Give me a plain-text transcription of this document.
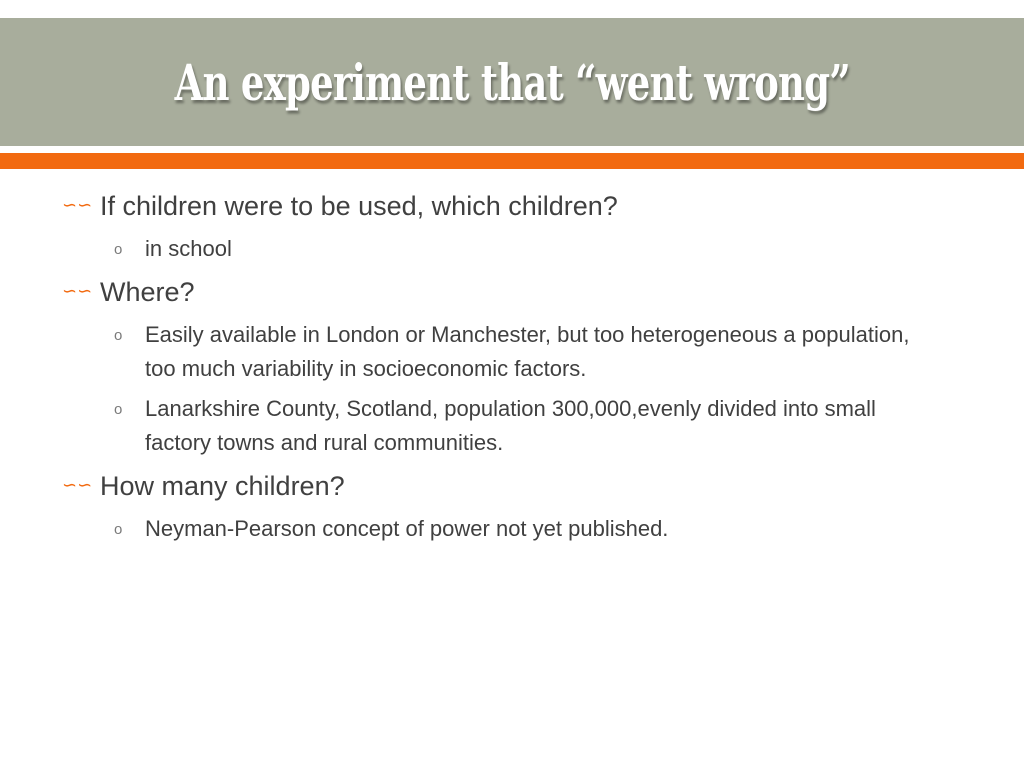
An experiment that “went wrong”
∽∽ If children were to be used, which children?
o in school
∽∽ Where?
o Easily available in London or Manchester, but too heterogeneous a population, too much variability in socioeconomic factors.
o Lanarkshire County, Scotland, population 300,000,evenly divided into small factory towns and rural communities.
∽∽ How many children?
o Neyman-Pearson concept of power not yet published.
